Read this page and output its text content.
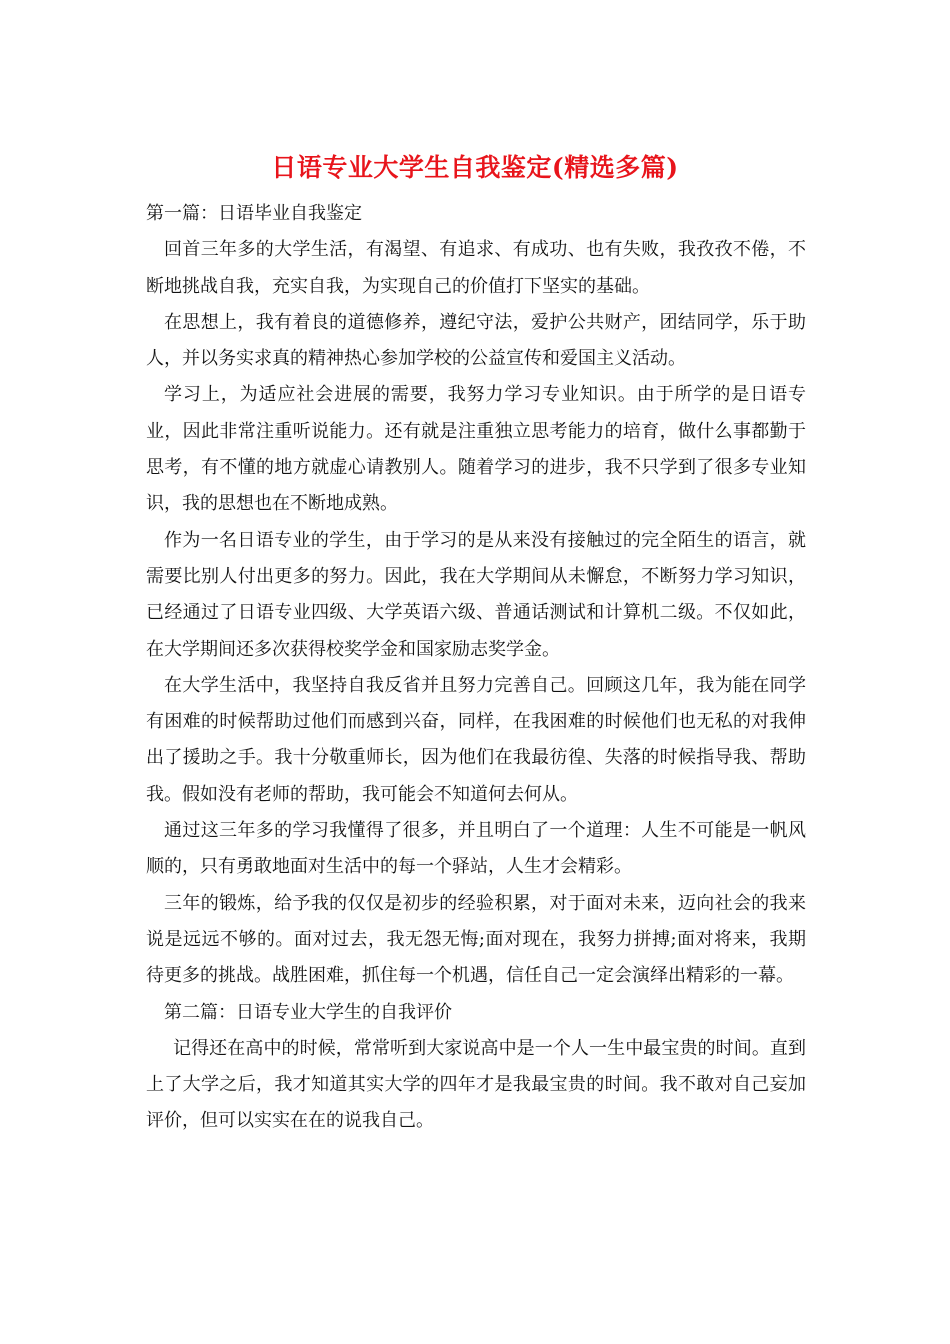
日语专业大学生自我鉴定(精选多篇)

第一篇：日语毕业自我鉴定

回首三年多的大学生活，有渴望、有追求、有成功、也有失败，我孜孜不倦，不断地挑战自我，充实自我，为实现自己的价值打下坚实的基础。

在思想上，我有着良的道德修养，遵纪守法，爱护公共财产，团结同学，乐于助人，并以务实求真的精神热心参加学校的公益宣传和爱国主义活动。

学习上，为适应社会进展的需要，我努力学习专业知识。由于所学的是日语专业，因此非常注重听说能力。还有就是注重独立思考能力的培育，做什么事都勤于思考，有不懂的地方就虚心请教别人。随着学习的进步，我不只学到了很多专业知识，我的思想也在不断地成熟。

作为一名日语专业的学生，由于学习的是从来没有接触过的完全陌生的语言，就需要比别人付出更多的努力。因此，我在大学期间从未懈怠，不断努力学习知识，已经通过了日语专业四级、大学英语六级、普通话测试和计算机二级。不仅如此，在大学期间还多次获得校奖学金和国家励志奖学金。

在大学生活中，我坚持自我反省并且努力完善自己。回顾这几年，我为能在同学有困难的时候帮助过他们而感到兴奋，同样，在我困难的时候他们也无私的对我伸出了援助之手。我十分敬重师长，因为他们在我最彷徨、失落的时候指导我、帮助我。假如没有老师的帮助，我可能会不知道何去何从。

通过这三年多的学习我懂得了很多，并且明白了一个道理：人生不可能是一帆风顺的，只有勇敢地面对生活中的每一个驿站，人生才会精彩。

三年的锻炼，给予我的仅仅是初步的经验积累，对于面对未来，迈向社会的我来说是远远不够的。面对过去，我无怨无悔;面对现在，我努力拼搏;面对将来，我期待更多的挑战。战胜困难，抓住每一个机遇，信任自己一定会演绎出精彩的一幕。

第二篇：日语专业大学生的自我评价

记得还在高中的时候，常常听到大家说高中是一个人一生中最宝贵的时间。直到上了大学之后，我才知道其实大学的四年才是我最宝贵的时间。我不敢对自己妄加评价，但可以实实在在的说我自己。
